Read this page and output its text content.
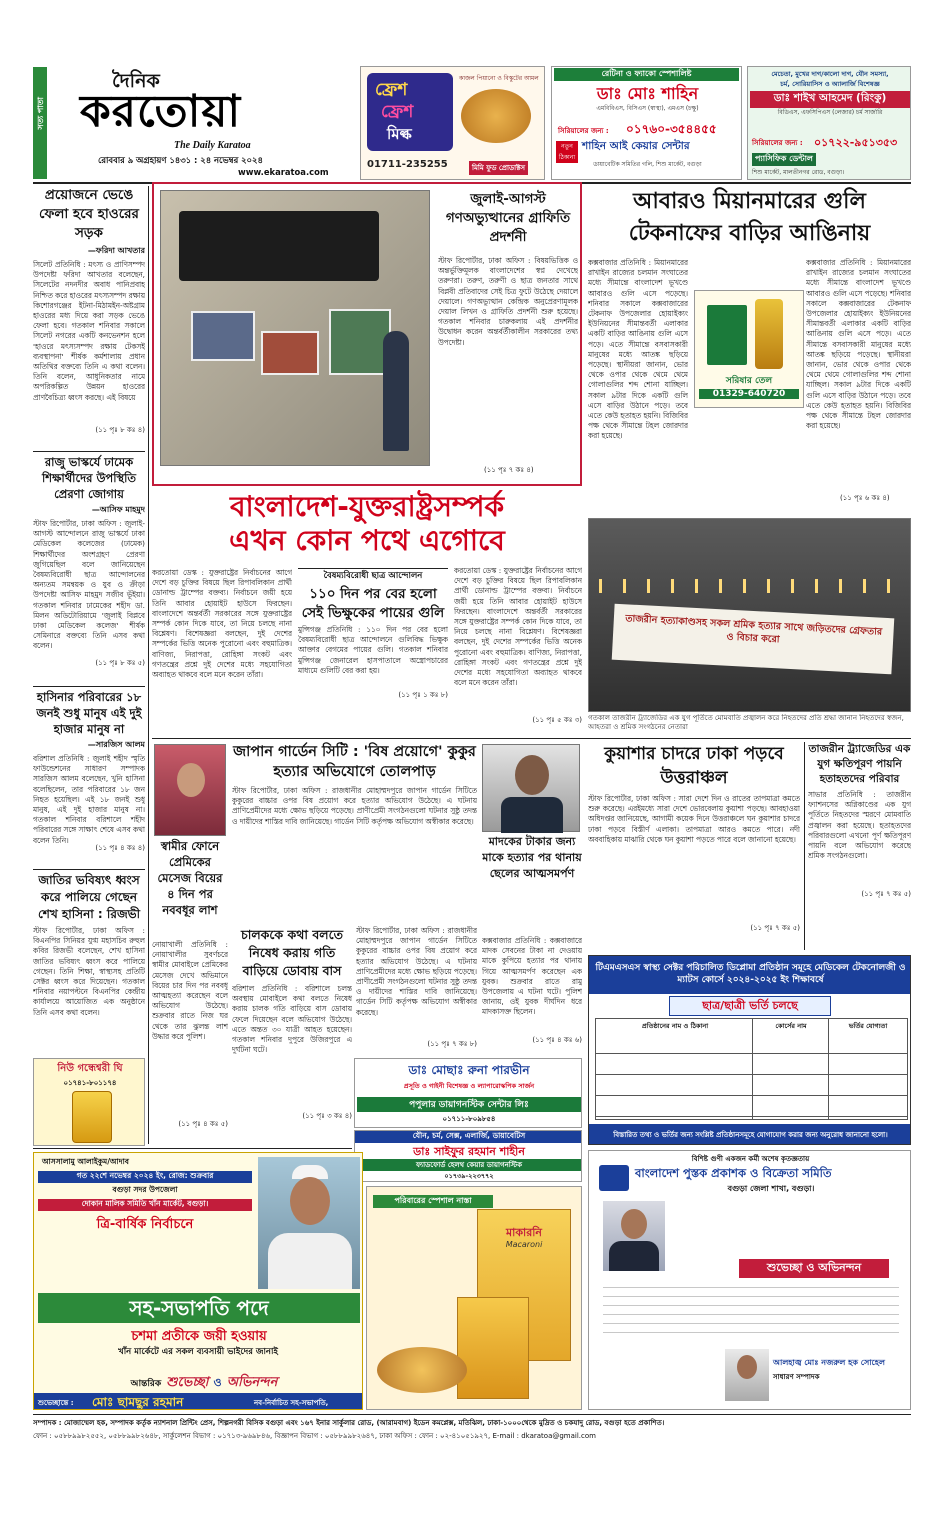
সত্য পাতা
দৈনিক
করতোয়া
The Daily Karatoa
রোববার ৯ অগ্রহায়ণ ১৪৩১ : ২৪ নভেম্বর ২০২৪
www.ekaratoa.com
ফ্রেশ
ফ্রেশ
মিল্ক
কাজল পিয়ানো ও বিস্কুটের আমল
01711-235255	মিমি ফুড প্রোডাক্টস
রেটিনা ও ফ্যাকো স্পেশালিষ্ট
ডাঃ মোঃ শাহিন
এমবিবিএস, বিসিএস (স্বাস্থ্য), এমএস (চক্ষু)
সিরিয়ালের জন্য : ০১৭৬০-৩৫৪৪৫৫
নতুন ঠিকানা
শাহিন আই কেয়ার সেন্টার
ডায়াবেটিক সমিতির গলি, শিশু মার্কেট, বগুড়া
মেচেতা, মুখের দাগ/কালো দাগ, যৌন সমস্যা,
চর্ম, সোরিয়াসিস ও অ্যালার্জি বিশেষজ্ঞ
ডাঃ শাইখ আহমেদ (রিংকু)
বিডিএস, এফসিপিএস (লেজার) চর্ম সার্জারি
সিরিয়ালের জন্য : ০১৭২২-৯৫১৩৫৩
প্যাসিফিক ডেন্টাল
শিশু মার্কেট, মালতীনগর রোড, বগুড়া।
প্রয়োজনে ভেঙে ফেলা হবে হাওরের সড়ক
—ফরিদা আখতার
সিলেট প্রতিনিধি : মৎস্য ও প্রাণিসম্পদ উপদেষ্টা ফরিদা আখতার বলেছেন, সিলেটের নদনদীর অবাধ পানিপ্রবাহ নিশ্চিত করে হাওরের মৎস্যসম্পদ রক্ষায় কিশোরগঞ্জের ইটনা-মিঠামইন-অষ্টগ্রাম হাওরের মধ্য দিয়ে করা সড়ক ভেঙে ফেলা হবে। গতকাল শনিবার সকালে সিলেট নগরের একটি কনভেনশন হলে 'হাওরে মৎস্যসম্পদ রক্ষায় টেকসই ব্যবস্থাপনা' শীর্ষক কর্মশালায় প্রধান অতিথির বক্তব্যে তিনি এ কথা বলেন। তিনি বলেন, আধুনিকতার নামে অপরিকল্পিত উন্নয়ন হাওরের প্রাণবৈচিত্র্য ধ্বংস করছে। এই বিষয়ে
(১১ পৃঃ ৮ কঃ ৪)
রাজু ভাস্কর্যে ঢামেক শিক্ষার্থীদের উপস্থিতি প্রেরণা জোগায়
—আসিফ মাহমুদ
স্টাফ রিপোর্টার, ঢাকা অফিস : জুলাই-আগস্ট আন্দোলনে রাজু ভাস্কর্যে ঢাকা মেডিকেল কলেজের (ঢামেক) শিক্ষার্থীদের অংশগ্রহণ প্রেরণা জুগিয়েছিল বলে জানিয়েছেন বৈষম্যবিরোধী ছাত্র আন্দোলনের অন্যতম সমন্বয়ক ও যুব ও ক্রীড়া উপদেষ্টা আসিফ মাহমুদ সজীব ভূঁইয়া। গতকাল শনিবার ঢামেকের শহীদ ডা. মিলন অডিটোরিয়ামে 'জুলাই বিপ্লবে ঢাকা মেডিকেল কলেজ' শীর্ষক সেমিনারে বক্তব্যে তিনি এসব কথা বলেন।
(১১ পৃঃ ৮ কঃ ৫)
হাসিনার পরিবারের ১৮ জনই শুধু মানুষ এই দুই হাজার মানুষ না
—সারজিস আলম
বরিশাল প্রতিনিধি : জুলাই শহীদ স্মৃতি ফাউন্ডেশনের সাধারণ সম্পাদক সারজিস আলম বলেছেন, খুনি হাসিনা বলেছিলেন, তার পরিবারের ১৮ জন নিহত হয়েছিল। এই ১৮ জনই শুধু মানুষ, এই দুই হাজার মানুষ না। গতকাল শনিবার বরিশালে শহীদ পরিবারের সঙ্গে সাক্ষাৎ শেষে এসব কথা বলেন তিনি।
(১১ পৃঃ ৪ কঃ ৪)
জাতির ভবিষ্যৎ ধ্বংস করে পালিয়ে গেছেন শেখ হাসিনা : রিজভী
স্টাফ রিপোর্টার, ঢাকা অফিস : বিএনপির সিনিয়র যুগ্ম মহাসচিব রুহুল কবির রিজভী বলেছেন, শেখ হাসিনা জাতির ভবিষ্যৎ ধ্বংস করে পালিয়ে গেছেন। তিনি শিক্ষা, স্বাস্থ্যসহ প্রতিটি সেক্টর ধ্বংস করে দিয়েছেন। গতকাল শনিবার নয়াপল্টনে বিএনপির কেন্দ্রীয় কার্যালয়ে আয়োজিত এক অনুষ্ঠানে তিনি এসব কথা বলেন।
জুলাই-আগস্ট গণঅভ্যুত্থানের গ্রাফিতি প্রদর্শনী
স্টাফ রিপোর্টার, ঢাকা অফিস : বিষয়ভিত্তিক ও অন্তর্ভুক্তিমূলক বাংলাদেশের স্বপ্ন দেখেছে তরুণরা। তরুণ, তরুণী ও ছাত্র জনতার সাথে বিপ্লবী প্রতিবাদের সেই চিত্র ফুটে উঠেছে দেয়ালে দেয়ালে। গণঅভ্যুত্থান কেন্দ্রিক অনুপ্রেরণামূলক দেয়াল লিখন ও গ্রাফিতি প্রদর্শনী শুরু হয়েছে। গতকাল শনিবার চারুকলায় এই প্রদর্শনীর উদ্বোধন করেন অন্তর্বর্তীকালীন সরকারের তথ্য উপদেষ্টা।
(১১ পৃঃ ৭ কঃ ৪)
আবারও মিয়ানমারের গুলি টেকনাফের বাড়ির আঙিনায়
কক্সবাজার প্রতিনিধি : মিয়ানমারের রাখাইন রাজ্যের চলমান সংঘাতের মধ্যে সীমান্তে বাংলাদেশ ভূখণ্ডে আবারও গুলি এসে পড়েছে। শনিবার সকালে কক্সবাজারের টেকনাফ উপজেলার হোয়াইক্যং ইউনিয়নের সীমান্তবর্তী এলাকার একটি বাড়ির আঙিনায় গুলি এসে পড়ে। এতে সীমান্তে বসবাসকারী মানুষের মধ্যে আতঙ্ক ছড়িয়ে পড়েছে। স্থানীয়রা জানান, ভোর থেকে ওপার থেকে থেমে থেমে গোলাগুলির শব্দ শোনা যাচ্ছিল। সকাল ৯টার দিকে একটি গুলি এসে বাড়ির উঠানে পড়ে। তবে এতে কেউ হতাহত হয়নি। বিজিবির পক্ষ থেকে সীমান্তে টহল জোরদার করা হয়েছে।
সরিষার তেল
01329-640720
কক্সবাজার প্রতিনিধি : মিয়ানমারের রাখাইন রাজ্যের চলমান সংঘাতের মধ্যে সীমান্তে বাংলাদেশ ভূখণ্ডে আবারও গুলি এসে পড়েছে। শনিবার সকালে কক্সবাজারের টেকনাফ উপজেলার হোয়াইক্যং ইউনিয়নের সীমান্তবর্তী এলাকার একটি বাড়ির আঙিনায় গুলি এসে পড়ে। এতে সীমান্তে বসবাসকারী মানুষের মধ্যে আতঙ্ক ছড়িয়ে পড়েছে। স্থানীয়রা জানান, ভোর থেকে ওপার থেকে থেমে থেমে গোলাগুলির শব্দ শোনা যাচ্ছিল। সকাল ৯টার দিকে একটি গুলি এসে বাড়ির উঠানে পড়ে। তবে এতে কেউ হতাহত হয়নি। বিজিবির পক্ষ থেকে সীমান্তে টহল জোরদার করা হয়েছে।
(১১ পৃঃ ৬ কঃ ৪)
বাংলাদেশ-যুক্তরাষ্ট্রসম্পর্ক
এখন কোন পথে এগোবে
করতোয়া ডেস্ক : যুক্তরাষ্ট্রের নির্বাচনের আগে দেশে বড় চুক্তির বিষয়ে ছিল রিপাবলিকান প্রার্থী ডোনাল্ড ট্রাম্পের বক্তব্য। নির্বাচনে জয়ী হয়ে তিনি আবার হোয়াইট হাউসে ফিরছেন। বাংলাদেশে অন্তর্বর্তী সরকারের সঙ্গে যুক্তরাষ্ট্রের সম্পর্ক কোন দিকে যাবে, তা নিয়ে চলছে নানা বিশ্লেষণ। বিশেষজ্ঞরা বলছেন, দুই দেশের সম্পর্কের ভিত্তি অনেক পুরোনো এবং বহুমাত্রিক। বাণিজ্য, নিরাপত্তা, রোহিঙ্গা সংকট এবং গণতন্ত্রের প্রশ্নে দুই দেশের মধ্যে সহযোগিতা অব্যাহত থাকবে বলে মনে করেন তাঁরা।
বৈষম্যবিরোধী ছাত্র আন্দোলন
১১০ দিন পর বের হলো সেই ভিক্ষুকের পায়ের গুলি
মুন্সিগঞ্জ প্রতিনিধি : ১১০ দিন পর বের হলো বৈষম্যবিরোধী ছাত্র আন্দোলনে গুলিবিদ্ধ ভিক্ষুক আক্তার বেগমের পায়ের গুলি। গতকাল শনিবার মুন্সিগঞ্জ জেনারেল হাসপাতালে অস্ত্রোপচারের মাধ্যমে গুলিটি বের করা হয়।
(১১ পৃঃ ১ কঃ ৮)
করতোয়া ডেস্ক : যুক্তরাষ্ট্রের নির্বাচনের আগে দেশে বড় চুক্তির বিষয়ে ছিল রিপাবলিকান প্রার্থী ডোনাল্ড ট্রাম্পের বক্তব্য। নির্বাচনে জয়ী হয়ে তিনি আবার হোয়াইট হাউসে ফিরছেন। বাংলাদেশে অন্তর্বর্তী সরকারের সঙ্গে যুক্তরাষ্ট্রের সম্পর্ক কোন দিকে যাবে, তা নিয়ে চলছে নানা বিশ্লেষণ। বিশেষজ্ঞরা বলছেন, দুই দেশের সম্পর্কের ভিত্তি অনেক পুরোনো এবং বহুমাত্রিক। বাণিজ্য, নিরাপত্তা, রোহিঙ্গা সংকট এবং গণতন্ত্রের প্রশ্নে দুই দেশের মধ্যে সহযোগিতা অব্যাহত থাকবে বলে মনে করেন তাঁরা।
(১১ পৃঃ ৫ কঃ ৩)
তাজরীন হত্যাকাণ্ডসহ সকল শ্রমিক হত্যার সাথে জড়িতদের গ্রেফতার ও বিচার করো
গতকাল তাজরীন ট্র্যাজেডির এক যুগ পূর্তিতে মোমবাতি প্রজ্বালন করে নিহতদের প্রতি শ্রদ্ধা জানান নিহতদের স্বজন, আহতরা ও শ্রমিক সংগঠনের নেতারা
স্বামীর ফোনে প্রেমিকের মেসেজ বিয়ের ৪ দিন পর নববধূর লাশ
নোয়াখালী প্রতিনিধি : নোয়াখালীর সুবর্ণচরে স্বামীর মোবাইলে প্রেমিকের মেসেজ দেখে অভিমানে বিয়ের চার দিন পর নববধূ আত্মহত্যা করেছেন বলে অভিযোগ উঠেছে। শুক্রবার রাতে নিজ ঘর থেকে তার ঝুলন্ত লাশ উদ্ধার করে পুলিশ।
(১১ পৃঃ ৪ কঃ ৫)
জাপান গার্ডেন সিটি : 'বিষ প্রয়োগে' কুকুর হত্যার অভিযোগে তোলপাড়
স্টাফ রিপোর্টার, ঢাকা অফিস : রাজধানীর মোহাম্মদপুরে জাপান গার্ডেন সিটিতে কুকুরের বাচ্চার ওপর বিষ প্রয়োগ করে হত্যার অভিযোগ উঠেছে। এ ঘটনায় প্রাণিপ্রেমীদের মধ্যে ক্ষোভ ছড়িয়ে পড়েছে। প্রাণীপ্রেমী সংগঠনগুলো ঘটনার সুষ্ঠু তদন্ত ও দায়ীদের শাস্তির দাবি জানিয়েছে। গার্ডেন সিটি কর্তৃপক্ষ অভিযোগ অস্বীকার করেছে।
চালককে কথা বলতে নিষেধ করায় গতি বাড়িয়ে ডোবায় বাস
বরিশাল প্রতিনিধি : বরিশালে চলন্ত অবস্থায় মোবাইলে কথা বলতে নিষেধ করায় চালক গতি বাড়িয়ে বাস ডোবায় ফেলে দিয়েছেন বলে অভিযোগ উঠেছে। এতে অন্তত ৩০ যাত্রী আহত হয়েছেন। গতকাল শনিবার দুপুরে উজিরপুরে এ দুর্ঘটনা ঘটে।
(১১ পৃঃ ৩ কঃ ৪)
স্টাফ রিপোর্টার, ঢাকা অফিস : রাজধানীর মোহাম্মদপুরে জাপান গার্ডেন সিটিতে কুকুরের বাচ্চার ওপর বিষ প্রয়োগ করে হত্যার অভিযোগ উঠেছে। এ ঘটনায় প্রাণিপ্রেমীদের মধ্যে ক্ষোভ ছড়িয়ে পড়েছে। প্রাণীপ্রেমী সংগঠনগুলো ঘটনার সুষ্ঠু তদন্ত ও দায়ীদের শাস্তির দাবি জানিয়েছে। গার্ডেন সিটি কর্তৃপক্ষ অভিযোগ অস্বীকার করেছে।
(১১ পৃঃ ৭ কঃ ৮)
মাদকের টাকার জন্য মাকে হত্যার পর থানায় ছেলের আত্মসমর্পণ
কক্সবাজার প্রতিনিধি : কক্সবাজারে মাদক সেবনের টাকা না দেওয়ায় মাকে কুপিয়ে হত্যার পর থানায় গিয়ে আত্মসমর্পণ করেছেন এক যুবক। শুক্রবার রাতে রামু উপজেলায় এ ঘটনা ঘটে। পুলিশ জানায়, ওই যুবক দীর্ঘদিন ধরে মাদকাসক্ত ছিলেন।
(১১ পৃঃ ৪ কঃ ৬)
কুয়াশার চাদরে ঢাকা পড়বে উত্তরাঞ্চল
স্টাফ রিপোর্টার, ঢাকা অফিস : সারা দেশে দিন ও রাতের তাপমাত্রা কমতে শুরু করেছে। এরইমধ্যে সারা দেশে ভোরবেলায় কুয়াশা পড়ছে। আবহাওয়া অধিদপ্তর জানিয়েছে, আগামী কয়েক দিনে উত্তরাঞ্চলে ঘন কুয়াশার চাদরে ঢাকা পড়বে বিস্তীর্ণ এলাকা। তাপমাত্রা আরও কমতে পারে। নদী অববাহিকায় মাঝারি থেকে ঘন কুয়াশা পড়তে পারে বলে জানানো হয়েছে।
(১১ পৃঃ ৭ কঃ ৫)
তাজরীন ট্র্যাজেডির এক যুগ ক্ষতিপূরণ পায়নি হতাহতদের পরিবার
সাভার প্রতিনিধি : তাজরীন ফ্যাশনসের অগ্নিকাণ্ডের এক যুগ পূর্তিতে নিহতদের স্মরণে মোমবাতি প্রজ্বালন করা হয়েছে। হতাহতদের পরিবারগুলো এখনো পূর্ণ ক্ষতিপূরণ পায়নি বলে অভিযোগ করেছে শ্রমিক সংগঠনগুলো।
(১১ পৃঃ ৭ কঃ ৫)
টিএমএসএস স্বাস্থ্য সেক্টর পরিচালিত ডিপ্লোমা প্রতিষ্ঠান সমূহে মেডিকেল টেকনোলজী ও ম্যাটস কোর্সে ২০২৪-২০২৫ ইং শিক্ষাবর্ষে
ছাত্র/ছাত্রী ভর্তি চলছে
প্রতিষ্ঠানের নাম ও ঠিকানা	কোর্সের নাম	ভর্তির যোগ্যতা
বিস্তারিত তথ্য ও ভর্তির জন্য সংশ্লিষ্ট প্রতিষ্ঠানসমূহে যোগাযোগ করার জন্য অনুরোধ জানানো হলো।
নিউ গন্ধেশ্বরী ঘি
০১৭৪১-৮০১১৭৪
ডাঃ মোছাঃ রুনা পারভীন
প্রসূতি ও গাইনী বিশেষজ্ঞ ও ল্যাপারোস্কপিক সার্জন
পপুলার ডায়াগনস্টিক সেন্টার লিঃ
০১৭১১-৮০৯৮৫৪
যৌন, চর্ম, সেক্স, এলার্জি, ডায়াবেটিস
ডাঃ সাইফুর রহমান শাহীন
ফ্যাডফোর্ড হেলথ কেয়ার ডায়াগনস্টিক
০১৭৩৯-২২৩৭৭২
আসসালামু আলাইকুম/আদাব
গত ২২শে নভেম্বর ২০২৪ ইং, রোজ: শুক্রবার
বগুড়া সদর উপজেলা
দোকান মালিক সমিতি খাঁন মার্কেট, বগুড়া।
ত্রি-বার্ষিক নির্বাচনে
সহ-সভাপতি পদে
চশমা প্রতীকে জয়ী হওয়ায়
খাঁন মার্কেটে এর সকল ব্যবসায়ী ভাইদের জানাই
আন্তরিক শুভেচ্ছা ও অভিনন্দন
শুভেচ্ছান্তে : মোঃ ছামছুর রহমান	নব-নির্বাচিত সহ-সভাপতি,
পরিবারের স্পেশাল নাস্তা
মাকারনি
Macaroni
বিশিষ্ট গুণী একজন কর্মী অশেষ কৃতজ্ঞতায়
বাংলাদেশ পুস্তক প্রকাশক ও বিক্রেতা সমিতি
বগুড়া জেলা শাখা, বগুড়া।
শুভেচ্ছা ও অভিনন্দন
আলহাজ্ব মোঃ নজরুল হক সোহেল
সাধারণ সম্পাদক
সম্পাদক : মোজাম্মেল হক, সম্পাদক কর্তৃক ন্যাশনাল প্রিন্টিং প্রেস, শিল্পনগরী বিসিক বগুড়া এবং ১৬৭ ইনার সার্কুলার রোড, (আরামবাগ) ইডেন কমপ্লেক্স, মতিঝিল, ঢাকা-১০০০থেকে মুদ্রিত ও চকযাদু রোড, বগুড়া হতে প্রকাশিত।
ফোন : ০৫৮৮৯৯৮২৫৫২, ০৫৮৮৯৯৮২৬৪৮, সার্কুলেশন বিভাগ : ০১৭১৩-৯৬৯৮৪৬, বিজ্ঞাপন বিভাগ : ০৫৮৮৯৯৮২৬৪৭, ঢাকা অফিস : ফোন : ০২-৪১০৫১৯২৭, E-mail : dkaratoa@gmail.com
